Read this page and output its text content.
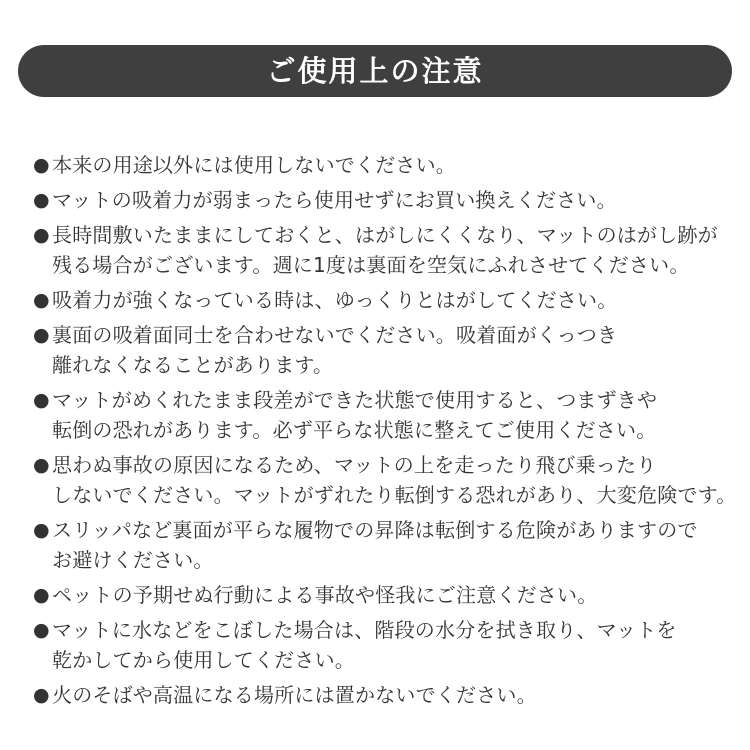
ご使用上の注意
● 本来の用途以外には使用しないでください。
● マットの吸着力が弱まったら使用せずにお買い換えください。
● 長時間敷いたままにしておくと、はがしにくくなり、マットのはがし跡が
残る場合がございます。週に1度は裏面を空気にふれさせてください。
● 吸着力が強くなっている時は、ゆっくりとはがしてください。
● 裏面の吸着面同士を合わせないでください。吸着面がくっつき
離れなくなることがあります。
● マットがめくれたまま段差ができた状態で使用すると、つまずきや
転倒の恐れがあります。必ず平らな状態に整えてご使用ください。
● 思わぬ事故の原因になるため、マットの上を走ったり飛び乗ったり
しないでください。マットがずれたり転倒する恐れがあり、大変危険です。
● スリッパなど裏面が平らな履物での昇降は転倒する危険がありますので
お避けください。
● ペットの予期せぬ行動による事故や怪我にご注意ください。
● マットに水などをこぼした場合は、階段の水分を拭き取り、マットを
乾かしてから使用してください。
● 火のそばや高温になる場所には置かないでください。
